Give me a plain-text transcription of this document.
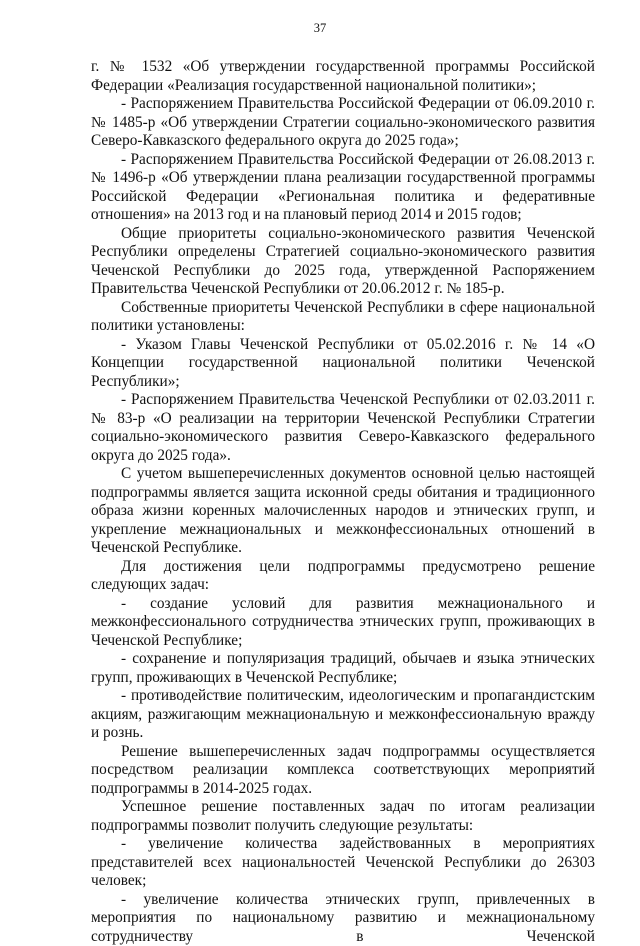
37

г. № 1532 «Об утверждении государственной программы Российской Федерации «Реализация государственной национальной политики»;

- Распоряжением Правительства Российской Федерации от 06.09.2010 г. № 1485-р «Об утверждении Стратегии социально-экономического развития Северо-Кавказского федерального округа до 2025 года»;

- Распоряжением Правительства Российской Федерации от 26.08.2013 г. № 1496-р «Об утверждении плана реализации государственной программы Российской Федерации «Региональная политика и федеративные отношения» на 2013 год и на плановый период 2014 и 2015 годов;

Общие приоритеты социально-экономического развития Чеченской Республики определены Стратегией социально-экономического развития Чеченской Республики до 2025 года, утвержденной Распоряжением Правительства Чеченской Республики от 20.06.2012 г. № 185-р.

Собственные приоритеты Чеченской Республики в сфере национальной политики установлены:

- Указом Главы Чеченской Республики от 05.02.2016 г. № 14 «О Концепции государственной национальной политики Чеченской Республики»;

- Распоряжением Правительства Чеченской Республики от 02.03.2011 г. № 83-р «О реализации на территории Чеченской Республики Стратегии социально-экономического развития Северо-Кавказского федерального округа до 2025 года».

С учетом вышеперечисленных документов основной целью настоящей подпрограммы является защита исконной среды обитания и традиционного образа жизни коренных малочисленных народов и этнических групп, и укрепление межнациональных и межконфессиональных отношений в Чеченской Республике.

Для достижения цели подпрограммы предусмотрено решение следующих задач:

- создание условий для развития межнационального и межконфессионального сотрудничества этнических групп, проживающих в Чеченской Республике;

- сохранение и популяризация традиций, обычаев и языка этнических групп, проживающих в Чеченской Республике;

- противодействие политическим, идеологическим и пропагандистским акциям, разжигающим межнациональную и межконфессиональную вражду и рознь.

Решение вышеперечисленных задач подпрограммы осуществляется посредством реализации комплекса соответствующих мероприятий подпрограммы в 2014-2025 годах.

Успешное решение поставленных задач по итогам реализации подпрограммы позволит получить следующие результаты:

- увеличение количества задействованных в мероприятиях представителей всех национальностей Чеченской Республики до 26303 человек;

- увеличение количества этнических групп, привлеченных в мероприятия по национальному развитию и межнациональному сотрудничеству в Чеченской
